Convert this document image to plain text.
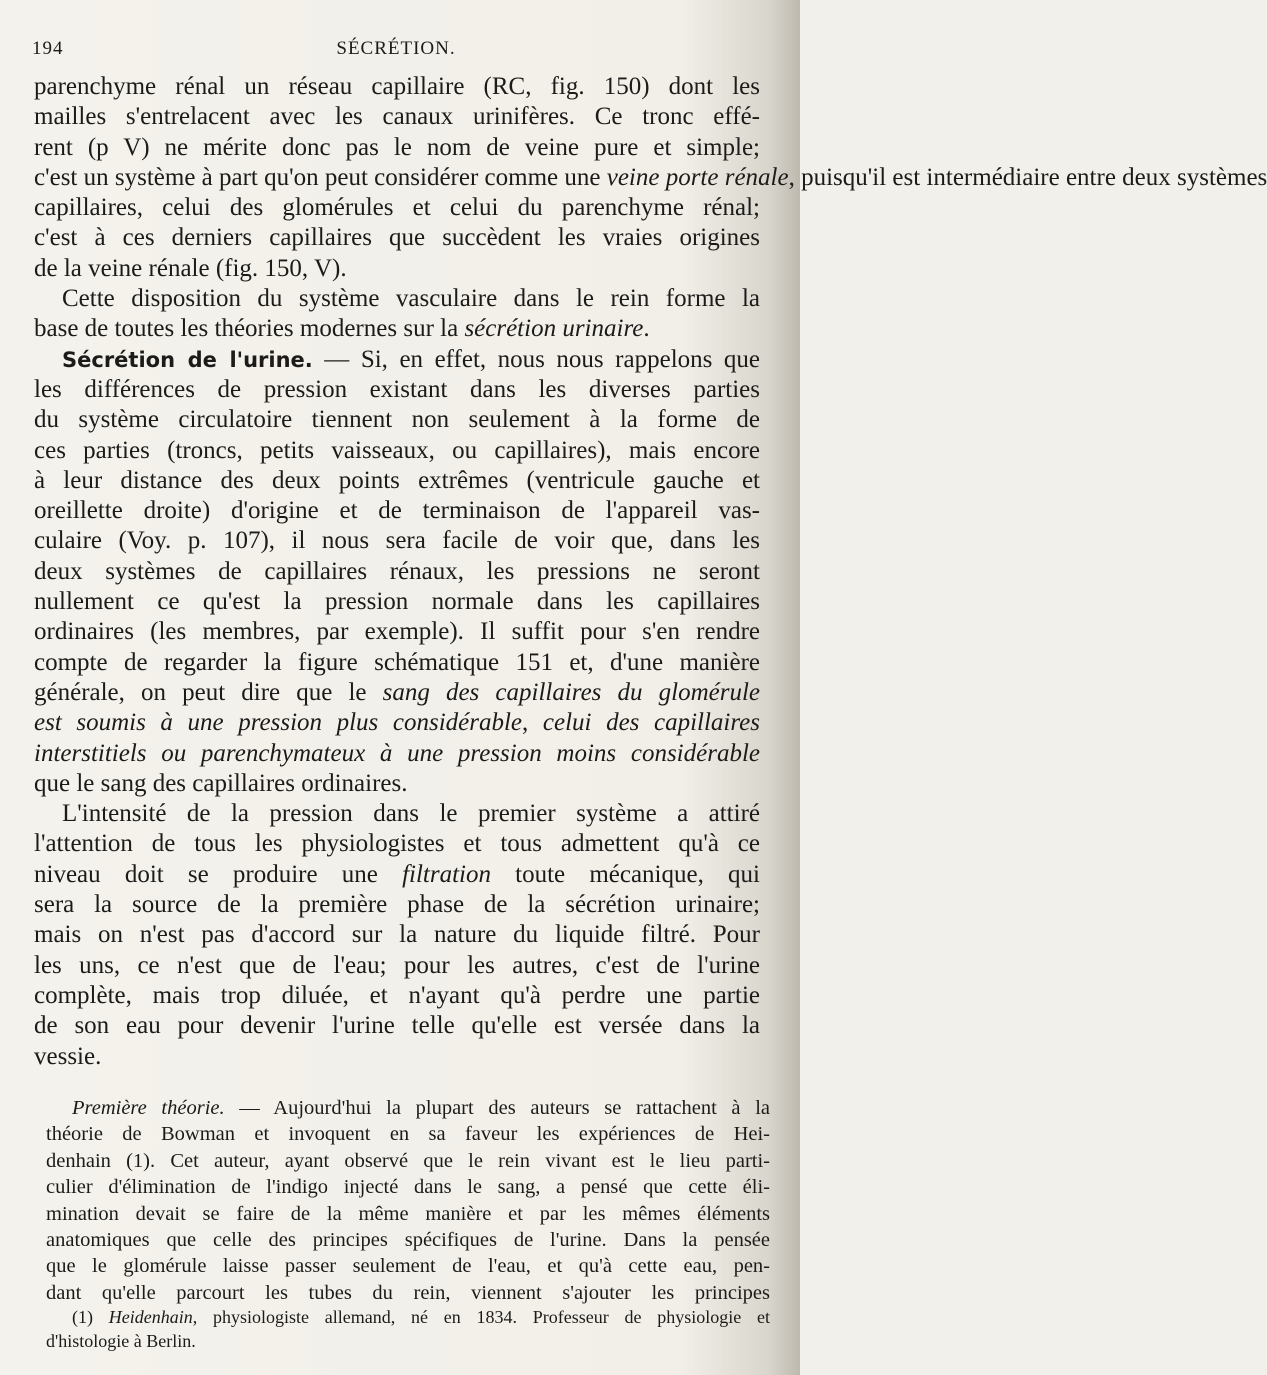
194	SÉCRÉTION.

parenchyme rénal un réseau capillaire (RC, fig. 150) dont les
mailles s'entrelacent avec les canaux urinifères. Ce tronc effé-
rent (p V) ne mérite donc pas le nom de veine pure et simple;
c'est un système à part qu'on peut considérer comme une veine porte rénale, puisqu'il est intermédiaire entre deux systèmes
capillaires, celui des glomérules et celui du parenchyme rénal;
c'est à ces derniers capillaires que succèdent les vraies origines
de la veine rénale (fig. 150, V).

Cette disposition du système vasculaire dans le rein forme la
base de toutes les théories modernes sur la sécrétion urinaire.

Sécrétion de l'urine. — Si, en effet, nous nous rappelons que
les différences de pression existant dans les diverses parties
du système circulatoire tiennent non seulement à la forme de
ces parties (troncs, petits vaisseaux, ou capillaires), mais encore
à leur distance des deux points extrêmes (ventricule gauche et
oreillette droite) d'origine et de terminaison de l'appareil vas-
culaire (Voy. p. 107), il nous sera facile de voir que, dans les
deux systèmes de capillaires rénaux, les pressions ne seront
nullement ce qu'est la pression normale dans les capillaires
ordinaires (les membres, par exemple). Il suffit pour s'en rendre
compte de regarder la figure schématique 151 et, d'une manière
générale, on peut dire que le sang des capillaires du glomérule
est soumis à une pression plus considérable, celui des capillaires
interstitiels ou parenchymateux à une pression moins considérable
que le sang des capillaires ordinaires.

L'intensité de la pression dans le premier système a attiré
l'attention de tous les physiologistes et tous admettent qu'à ce
niveau doit se produire une filtration toute mécanique, qui
sera la source de la première phase de la sécrétion urinaire;
mais on n'est pas d'accord sur la nature du liquide filtré. Pour
les uns, ce n'est que de l'eau; pour les autres, c'est de l'urine
complète, mais trop diluée, et n'ayant qu'à perdre une partie
de son eau pour devenir l'urine telle qu'elle est versée dans la
vessie.

Première théorie. — Aujourd'hui la plupart des auteurs se rattachent à la
théorie de Bowman et invoquent en sa faveur les expériences de Hei-
denhain (1). Cet auteur, ayant observé que le rein vivant est le lieu parti-
culier d'élimination de l'indigo injecté dans le sang, a pensé que cette éli-
mination devait se faire de la même manière et par les mêmes éléments
anatomiques que celle des principes spécifiques de l'urine. Dans la pensée
que le glomérule laisse passer seulement de l'eau, et qu'à cette eau, pen-
dant qu'elle parcourt les tubes du rein, viennent s'ajouter les principes
(1) Heidenhain, physiologiste allemand, né en 1834. Professeur de physiologie et
d'histologie à Berlin.
